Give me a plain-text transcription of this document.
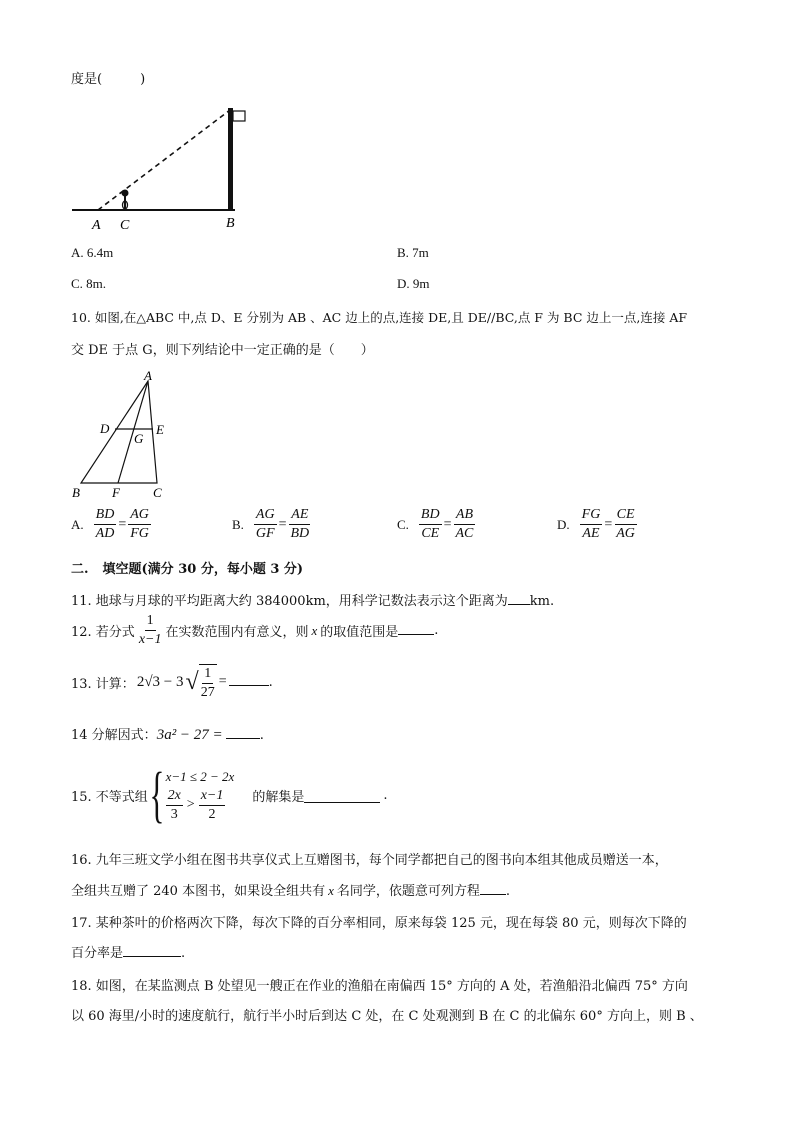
度是(	)
A C	B
A. 6.4m	B. 7m
C. 8m.	D. 9m
10. 如图,在△ABC 中,点 D、E 分别为 AB 、AC 边上的点,连接 DE,且 DE∕∕BC,点 F 为 BC 边上一点,连接 AF
交 DE 于点 G，则下列结论中一定正确的是（　　）
A
D	E
G
B F	C
A. $\frac{BD}{AD} = \frac{AG}{FG}$	B. $\frac{AG}{GF} = \frac{AE}{BD}$	C. $\frac{BD}{CE} = \frac{AB}{AC}$	D. $\frac{FG}{AE} = \frac{CE}{AG}$
二. 填空题(满分 30 分，每小题 3 分)
11. 地球与月球的平均距离大约 384000km，用科学记数法表示这个距离为 km.
12. 若分式 $\frac{1}{x-1}$ 在实数范围内有意义，则 x 的取值范围是	.
13. 计算： 2√3 − 3 √ $\frac{1}{27}$ =	.
14 分解因式：3a² − 27 =	.
15. 不等式组 { x−1 ≤ 2 − 2x
$\frac{2x}{3} > \frac{x-1}{2}$ 的解集是	.
16. 九年三班文学小组在图书共享仪式上互赠图书，每个同学都把自己的图书向本组其他成员赠送一本，
全组共互赠了 240 本图书，如果设全组共有 x 名同学，依题意可列方程 .
17. 某种茶叶的价格两次下降，每次下降的百分率相同，原来每袋 125 元，现在每袋 80 元，则每次下降的
百分率是	.
18. 如图，在某监测点 B 处望见一艘正在作业的渔船在南偏西 15° 方向的 A 处，若渔船沿北偏西 75° 方向
以 60 海里/小时的速度航行，航行半小时后到达 C 处，在 C 处观测到 B 在 C 的北偏东 60° 方向上，则 B 、
